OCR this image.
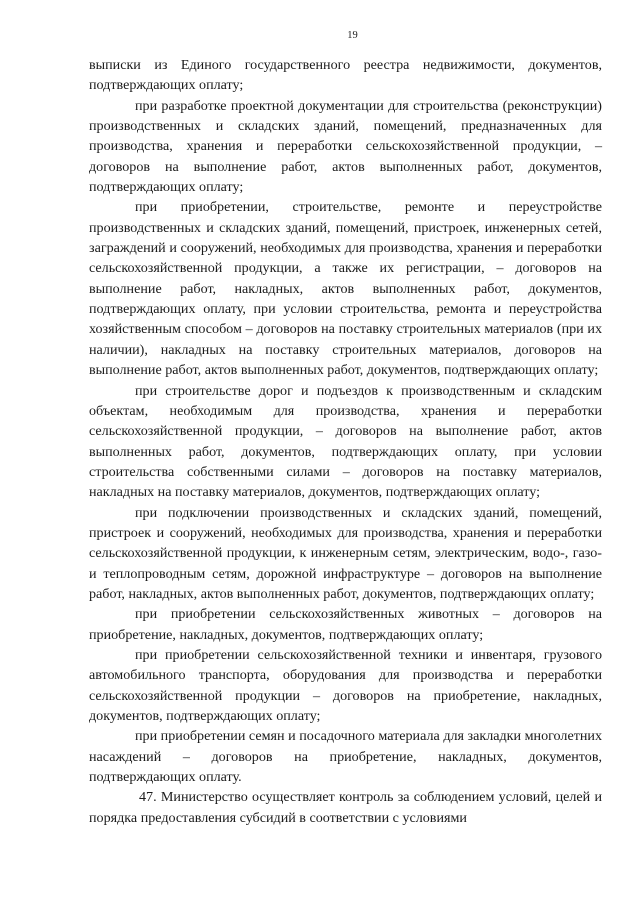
19

выписки из Единого государственного реестра недвижимости, документов, подтверждающих оплату;

при разработке проектной документации для строительства (реконструкции) производственных и складских зданий, помещений, предназначенных для производства, хранения и переработки сельскохозяйственной продукции, – договоров на выполнение работ, актов выполненных работ, документов, подтверждающих оплату;

при приобретении, строительстве, ремонте и переустройстве производственных и складских зданий, помещений, пристроек, инженерных сетей, заграждений и сооружений, необходимых для производства, хранения и переработки сельскохозяйственной продукции, а также их регистрации, – договоров на выполнение работ, накладных, актов выполненных работ, документов, подтверждающих оплату, при условии строительства, ремонта и переустройства хозяйственным способом – договоров на поставку строительных материалов (при их наличии), накладных на поставку строительных материалов, договоров на выполнение работ, актов выполненных работ, документов, подтверждающих оплату;

при строительстве дорог и подъездов к производственным и складским объектам, необходимым для производства, хранения и переработки сельскохозяйственной продукции, – договоров на выполнение работ, актов выполненных работ, документов, подтверждающих оплату, при условии строительства собственными силами – договоров на поставку материалов, накладных на поставку материалов, документов, подтверждающих оплату;

при подключении производственных и складских зданий, помещений, пристроек и сооружений, необходимых для производства, хранения и переработки сельскохозяйственной продукции, к инженерным сетям, электрическим, водо-, газо- и теплопроводным сетям, дорожной инфраструктуре – договоров на выполнение работ, накладных, актов выполненных работ, документов, подтверждающих оплату;

при приобретении сельскохозяйственных животных – договоров на приобретение, накладных, документов, подтверждающих оплату;

при приобретении сельскохозяйственной техники и инвентаря, грузового автомобильного транспорта, оборудования для производства и переработки сельскохозяйственной продукции – договоров на приобретение, накладных, документов, подтверждающих оплату;

при приобретении семян и посадочного материала для закладки многолетних насаждений – договоров на приобретение, накладных, документов, подтверждающих оплату.

47. Министерство осуществляет контроль за соблюдением условий, целей и порядка предоставления субсидий в соответствии с условиями
